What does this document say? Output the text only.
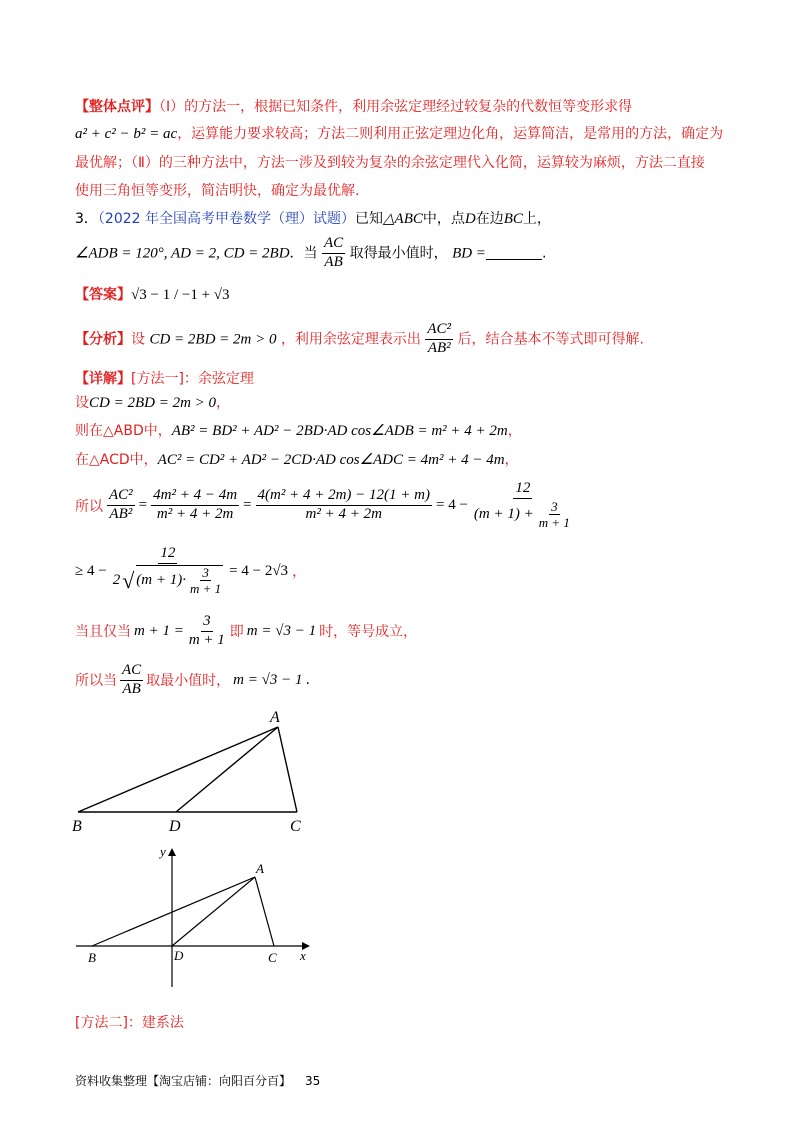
【整体点评】（Ⅰ）的方法一，根据已知条件，利用余弦定理经过较复杂的代数恒等变形求得
a² + c² − b² = ac，运算能力要求较高；方法二则利用正弦定理边化角，运算简洁，是常用的方法，确定为
最优解；（Ⅱ）的三种方法中，方法一涉及到较为复杂的余弦定理代入化简，运算较为麻烦，方法二直接
使用三角恒等变形，简洁明快，确定为最优解.
3．（2022 年全国高考甲卷数学（理）试题）已知△ABC中，点D在边BC上，
∠ADB = 120°, AD = 2, CD = 2BD．当 $\frac{AC}{AB}$ 取得最小值时， BD =	.
【答案】√3 − 1 / −1 + √3
【分析】设 CD = 2BD = 2m > 0 ，利用余弦定理表示出 $\frac{\text{AC²}}{\text{AB²}}$ 后，结合基本不等式即可得解.
【详解】[方法一]：余弦定理
设CD = 2BD = 2m > 0，
则在△ABD中，AB² = BD² + AD² − 2BD·AD cos∠ADB = m² + 4 + 2m，
在△ACD中，AC² = CD² + AD² − 2CD·AD cos∠ADC = 4m² + 4 − 4m，
所以 $\frac{\text{AC²}}{\text{AB²}} = \frac{\text{4m² + 4 − 4m}}{\text{m² + 4 + 2m}} = \frac{\text{4(m² + 4 + 2m) − 12(1 + m)}}{\text{m² + 4 + 2m}} = 4 - \frac{12}{(m + 1) + \frac{3}{m + 1}}$
≥ $4 - \frac{12}{2 √ (m + 1)\cdot \frac{3}{m + 1}} = 4 - 2√3$ ，
当且仅当 $m + 1 = \frac{3}{m + 1}$ 即 m = √3 − 1 时，等号成立，
所以当 $\frac{AC}{AB}$ 取最小值时， m = √3 − 1 .
A
B	D	C
A
B	D	C x
y
[方法二]：建系法
资料收集整理【淘宝店铺：向阳百分百】 35
